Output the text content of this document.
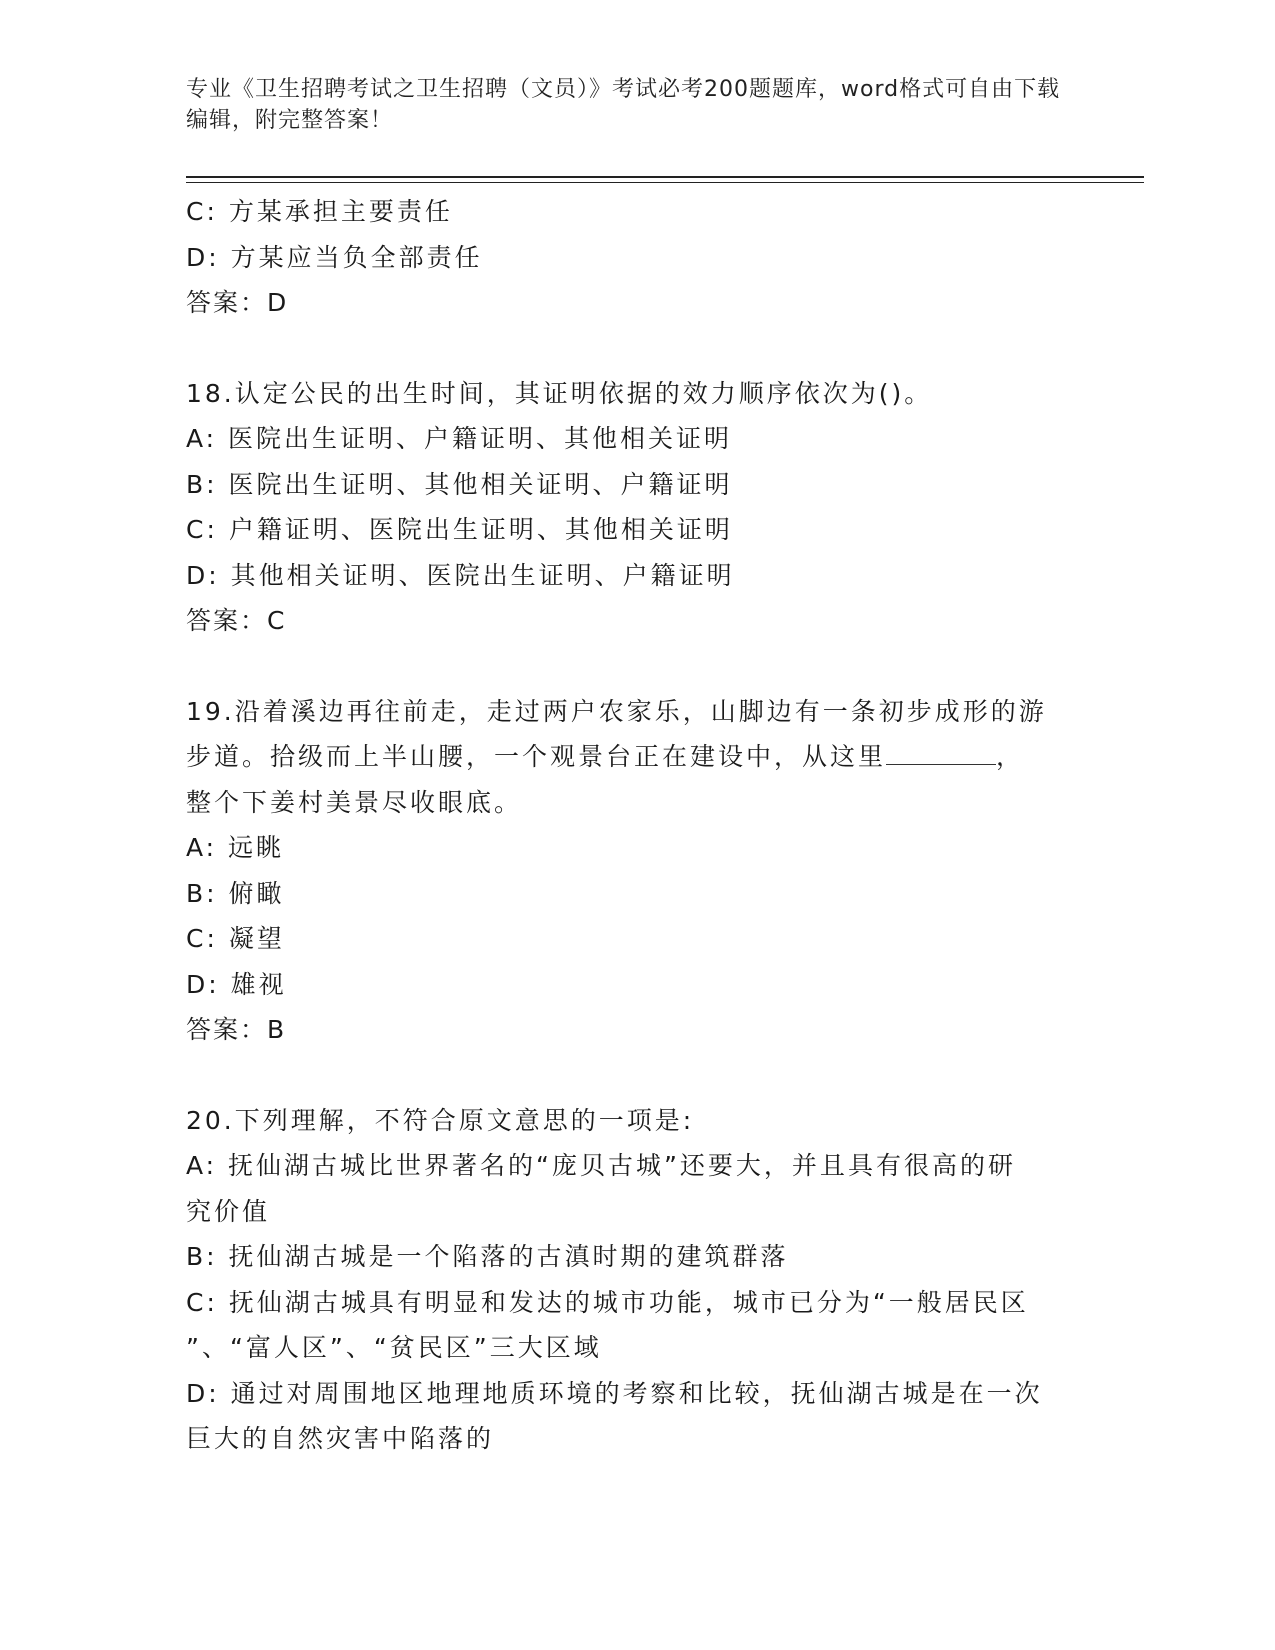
专业《卫生招聘考试之卫生招聘（文员）》考试必考200题题库，word格式可自由下载编辑，附完整答案！
C: 方某承担主要责任
D: 方某应当负全部责任
答案：D
18.认定公民的出生时间，其证明依据的效力顺序依次为()。
A: 医院出生证明、户籍证明、其他相关证明
B: 医院出生证明、其他相关证明、户籍证明
C: 户籍证明、医院出生证明、其他相关证明
D: 其他相关证明、医院出生证明、户籍证明
答案：C
19.沿着溪边再往前走，走过两户农家乐，山脚边有一条初步成形的游
步道。拾级而上半山腰，一个观景台正在建设中，从这里	，
整个下姜村美景尽收眼底。
A: 远眺
B: 俯瞰
C: 凝望
D: 雄视
答案：B
20.下列理解，不符合原文意思的一项是:
A: 抚仙湖古城比世界著名的“庞贝古城”还要大，并且具有很高的研
究价值
B: 抚仙湖古城是一个陷落的古滇时期的建筑群落
C: 抚仙湖古城具有明显和发达的城市功能，城市已分为“一般居民区
”、“富人区”、“贫民区”三大区域
D: 通过对周围地区地理地质环境的考察和比较，抚仙湖古城是在一次
巨大的自然灾害中陷落的
